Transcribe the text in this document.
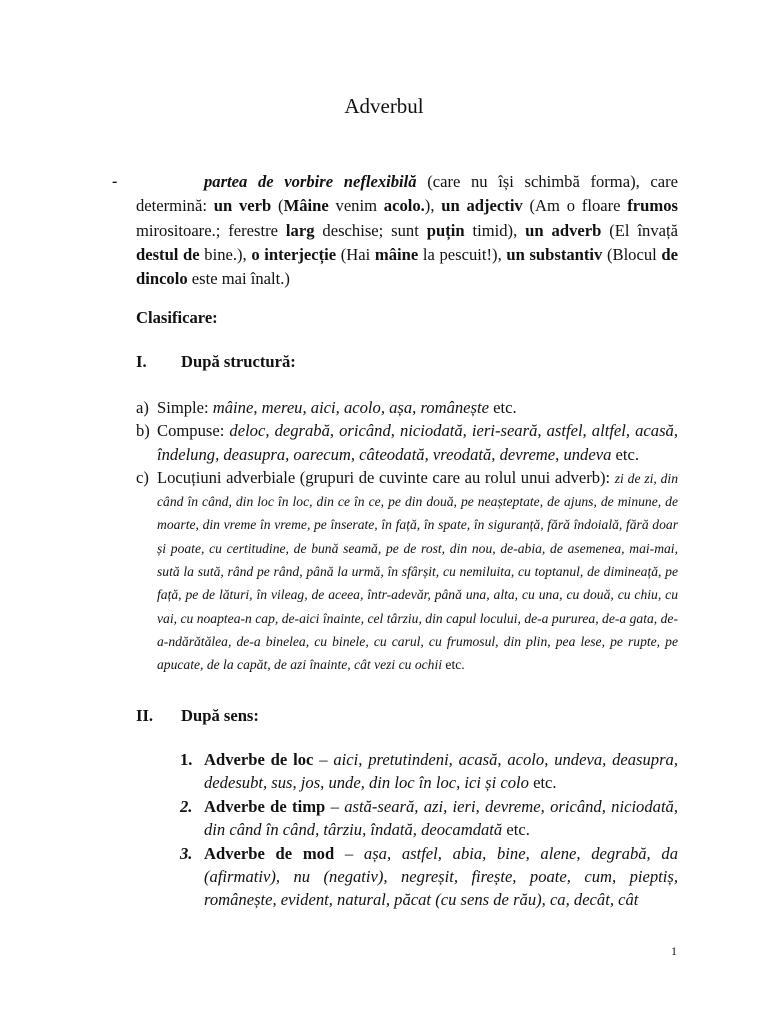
Adverbul
-	partea de vorbire neflexibilă (care nu își schimbă forma), care determină: un verb (Mâine venim acolo.), un adjectiv (Am o floare frumos mirositoare.; ferestre larg deschise; sunt puțin timid), un adverb (El învață destul de bine.), o interjecție (Hai mâine la pescuit!), un substantiv (Blocul de dincolo este mai înalt.)

Clasificare:

I. După structură:

a) Simple: mâine, mereu, aici, acolo, așa, românește etc.
b) Compuse: deloc, degrabă, oricând, niciodată, ieri-seară, astfel, altfel, acasă, îndelung, deasupra, oarecum, câteodată, vreodată, devreme, undeva etc.
c) Locuțiuni adverbiale (grupuri de cuvinte care au rolul unui adverb): zi de zi, din când în când, din loc în loc, din ce în ce, pe din două, pe neașteptate, de ajuns, de minune, de moarte, din vreme în vreme, pe înserate, în față, în spate, în siguranță, fără îndoială, fără doar și poate, cu certitudine, de bună seamă, pe de rost, din nou, de-abia, de asemenea, mai-mai, sută la sută, rând pe rând, până la urmă, în sfârșit, cu nemiluita, cu toptanul, de dimineață, pe față, pe de lături, în vileag, de aceea, într-adevăr, până una, alta, cu una, cu două, cu chiu, cu vai, cu noaptea-n cap, de-aici înainte, cel târziu, din capul locului, de-a pururea, de-a gata, de-a-ndărătălea, de-a binelea, cu binele, cu carul, cu frumosul, din plin, pea lese, pe rupte, pe apucate, de la capăt, de azi înainte, cât vezi cu ochii etc.

II. După sens:

1. Adverbe de loc – aici, pretutindeni, acasă, acolo, undeva, deasupra, dedesubt, sus, jos, unde, din loc în loc, ici și colo etc.
2. Adverbe de timp – astă-seară, azi, ieri, devreme, oricând, niciodată, din când în când, târziu, îndată, deocamdată etc.
3. Adverbe de mod – așa, astfel, abia, bine, alene, degrabă, da (afirmativ), nu (negativ), negreșit, firește, poate, cum, pieptiș, românește, evident, natural, păcat (cu sens de rău), ca, decât, cât
1
